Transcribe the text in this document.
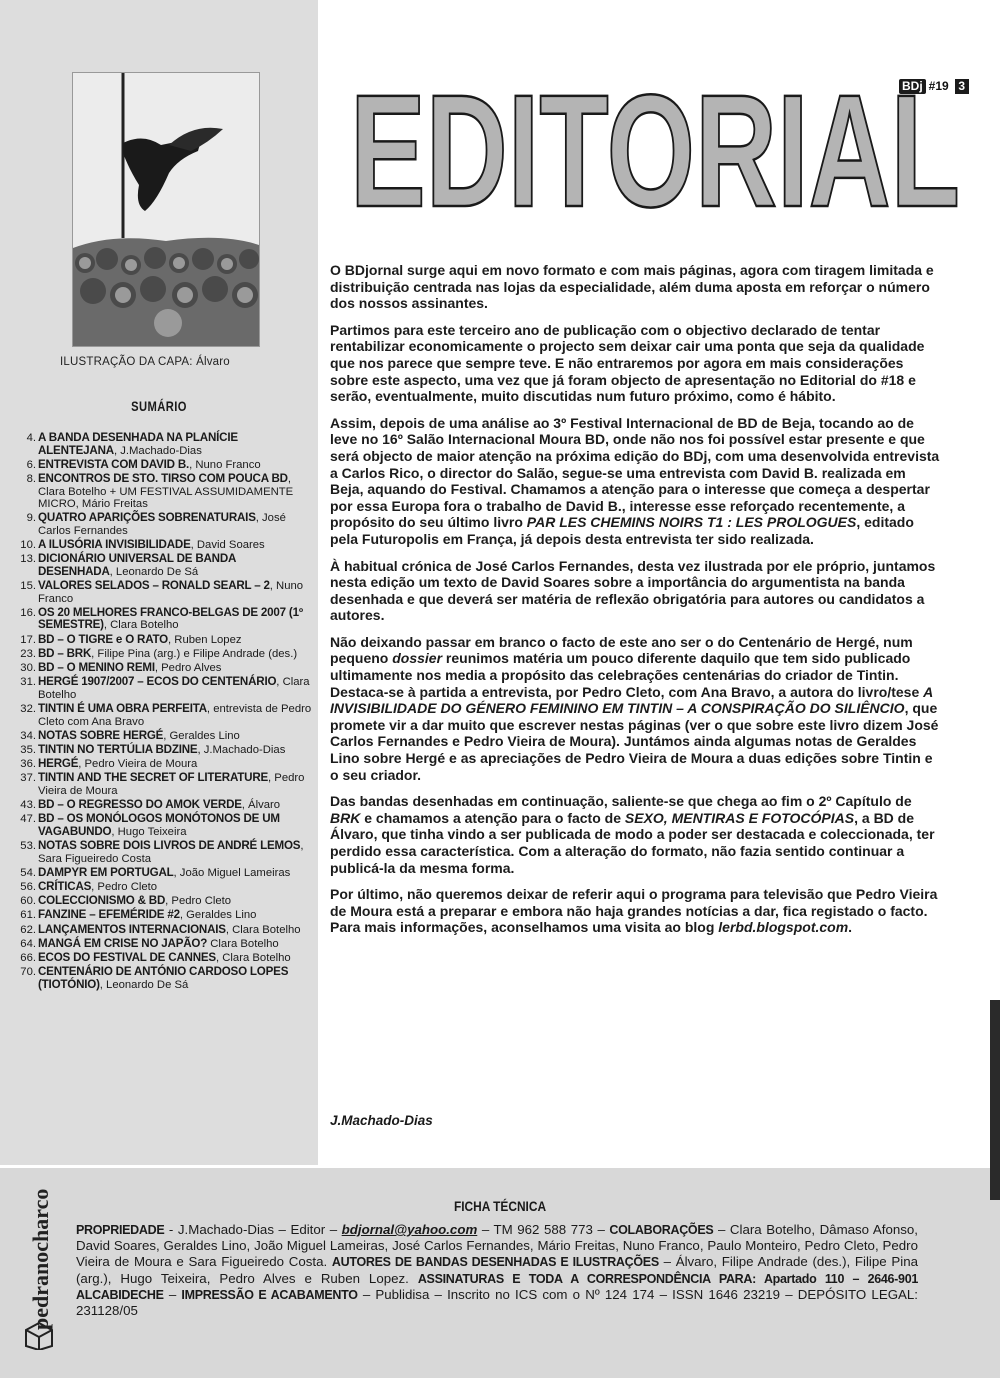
ILUSTRAÇÃO DA CAPA: Álvaro
SUMÁRIO
4. A BANDA DESENHADA NA PLANÍCIE ALENTEJANA, J.Machado-Dias
6. ENTREVISTA COM DAVID B., Nuno Franco
8. ENCONTROS DE STO. TIRSO COM POUCA BD, Clara Botelho + UM FESTIVAL ASSUMIDAMENTE MICRO, Mário Freitas
9. QUATRO APARIÇÕES SOBRENATURAIS, José Carlos Fernandes
10. A ILUSÓRIA INVISIBILIDADE, David Soares
13. DICIONÁRIO UNIVERSAL DE BANDA DESENHADA, Leonardo De Sá
15. VALORES SELADOS – RONALD SEARL – 2, Nuno Franco
16. OS 20 MELHORES FRANCO-BELGAS DE 2007 (1º SEMESTRE), Clara Botelho
17. BD – O TIGRE e O RATO, Ruben Lopez
23. BD – BRK, Filipe Pina (arg.) e Filipe Andrade (des.)
30. BD – O MENINO REMI, Pedro Alves
31. HERGÉ 1907/2007 – ECOS DO CENTENÁRIO, Clara Botelho
32. TINTIN É UMA OBRA PERFEITA, entrevista de Pedro Cleto com Ana Bravo
34. NOTAS SOBRE HERGÉ, Geraldes Lino
35. TINTIN NO TERTÚLIA BDZINE, J.Machado-Dias
36. HERGÉ, Pedro Vieira de Moura
37. TINTIN AND THE SECRET OF LITERATURE, Pedro Vieira de Moura
43. BD – O REGRESSO DO AMOK VERDE, Álvaro
47. BD – OS MONÓLOGOS MONÓTONOS DE UM VAGABUNDO, Hugo Teixeira
53. NOTAS SOBRE DOIS LIVROS DE ANDRÉ LEMOS, Sara Figueiredo Costa
54. DAMPYR EM PORTUGAL, João Miguel Lameiras
56. CRÍTICAS, Pedro Cleto
60. COLECCIONISMO & BD, Pedro Cleto
61. FANZINE – EFEMÉRIDE #2, Geraldes Lino
62. LANÇAMENTOS INTERNACIONAIS, Clara Botelho
64. MANGÁ EM CRISE NO JAPÃO? Clara Botelho
66. ECOS DO FESTIVAL DE CANNES, Clara Botelho
70. CENTENÁRIO DE ANTÓNIO CARDOSO LOPES (TIOTÓNIO), Leonardo De Sá
BDj #19 3
EDITORIAL

O BDjornal surge aqui em novo formato e com mais páginas, agora com tiragem limitada e distribuição centrada nas lojas da especialidade, além duma aposta em reforçar o número dos nossos assinantes.

Partimos para este terceiro ano de publicação com o objectivo declarado de tentar rentabilizar economicamente o projecto sem deixar cair uma ponta que seja da qualidade que nos parece que sempre teve. E não entraremos por agora em mais considerações sobre este aspecto, uma vez que já foram objecto de apresentação no Editorial do #18 e serão, eventualmente, muito discutidas num futuro próximo, como é hábito.

Assim, depois de uma análise ao 3º Festival Internacional de BD de Beja, tocando ao de leve no 16º Salão Internacional Moura BD, onde não nos foi possível estar presente e que será objecto de maior atenção na próxima edição do BDj, com uma desenvolvida entrevista a Carlos Rico, o director do Salão, segue-se uma entrevista com David B. realizada em Beja, aquando do Festival. Chamamos a atenção para o interesse que começa a despertar por essa Europa fora o trabalho de David B., interesse esse reforçado recentemente, a propósito do seu último livro PAR LES CHEMINS NOIRS T1 : LES PROLOGUES, editado pela Futuropolis em França, já depois desta entrevista ter sido realizada.

À habitual crónica de José Carlos Fernandes, desta vez ilustrada por ele próprio, juntamos nesta edição um texto de David Soares sobre a importância do argumentista na banda desenhada e que deverá ser matéria de reflexão obrigatória para autores ou candidatos a autores.

Não deixando passar em branco o facto de este ano ser o do Centenário de Hergé, num pequeno dossier reunimos matéria um pouco diferente daquilo que tem sido publicado ultimamente nos media a propósito das celebrações centenárias do criador de Tintin. Destaca-se à partida a entrevista, por Pedro Cleto, com Ana Bravo, a autora do livro/tese A INVISIBILIDADE DO GÉNERO FEMININO EM TINTIN – A CONSPIRAÇÃO DO SILIÊNCIO, que promete vir a dar muito que escrever nestas páginas (ver o que sobre este livro dizem José Carlos Fernandes e Pedro Vieira de Moura). Juntámos ainda algumas notas de Geraldes Lino sobre Hergé e as apreciações de Pedro Vieira de Moura a duas edições sobre Tintin e o seu criador.

Das bandas desenhadas em continuação, saliente-se que chega ao fim o 2º Capítulo de BRK e chamamos a atenção para o facto de SEXO, MENTIRAS E FOTOCÓPIAS, a BD de Álvaro, que tinha vindo a ser publicada de modo a poder ser destacada e coleccionada, ter perdido essa característica. Com a alteração do formato, não fazia sentido continuar a publicá-la da mesma forma.

Por último, não queremos deixar de referir aqui o programa para televisão que Pedro Vieira de Moura está a preparar e embora não haja grandes notícias a dar, fica registado o facto. Para mais informações, aconselhamos uma visita ao blog lerbd.blogspot.com.

J.Machado-Dias
pedranocharco	FICHA TÉCNICA
PROPRIEDADE - J.Machado-Dias – Editor – bdjornal@yahoo.com – TM 962 588 773 – COLABORAÇÕES – Clara Botelho, Dâmaso Afonso, David Soares, Geraldes Lino, João Miguel Lameiras, José Carlos Fernandes, Mário Freitas, Nuno Franco, Paulo Monteiro, Pedro Cleto, Pedro Vieira de Moura e Sara Figueiredo Costa. AUTORES DE BANDAS DESENHADAS E ILUSTRAÇÕES – Álvaro, Filipe Andrade (des.), Filipe Pina (arg.), Hugo Teixeira, Pedro Alves e Ruben Lopez. ASSINATURAS E TODA A CORRESPONDÊNCIA PARA: Apartado 110 – 2646-901 ALCABIDECHE – IMPRESSÃO E ACABAMENTO – Publidisa – Inscrito no ICS com o Nº 124 174 – ISSN 1646 23219 – DEPÓSITO LEGAL: 231128/05
